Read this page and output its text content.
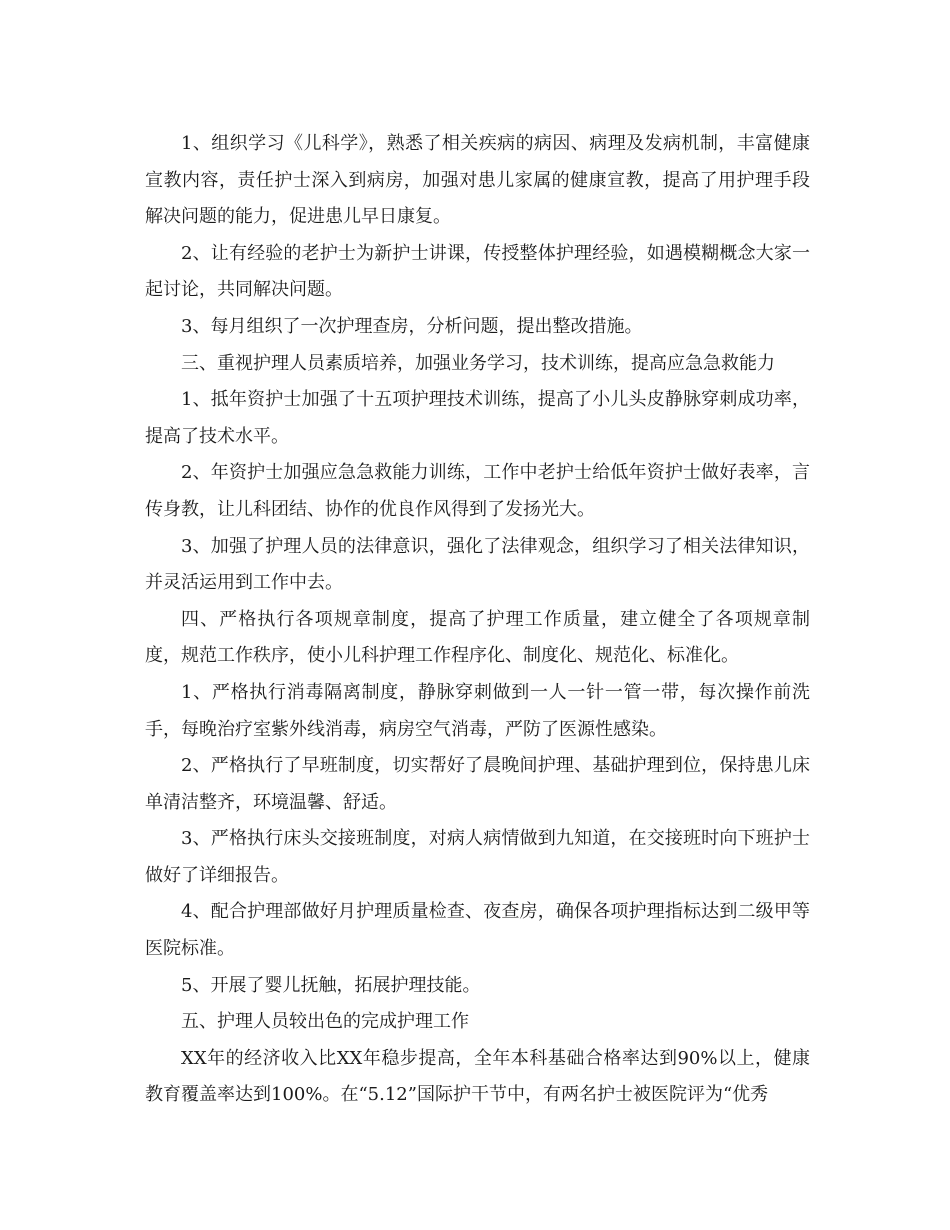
1、组织学习《儿科学》，熟悉了相关疾病的病因、病理及发病机制，丰富健康宣教内容，责任护士深入到病房，加强对患儿家属的健康宣教，提高了用护理手段解决问题的能力，促进患儿早日康复。

2、让有经验的老护士为新护士讲课，传授整体护理经验，如遇模糊概念大家一起讨论，共同解决问题。

3、每月组织了一次护理查房，分析问题，提出整改措施。

三、重视护理人员素质培养，加强业务学习，技术训练，提高应急急救能力

1、抵年资护士加强了十五项护理技术训练，提高了小儿头皮静脉穿刺成功率，提高了技术水平。

2、年资护士加强应急急救能力训练，工作中老护士给低年资护士做好表率，言传身教，让儿科团结、协作的优良作风得到了发扬光大。

3、加强了护理人员的法律意识，强化了法律观念，组织学习了相关法律知识，并灵活运用到工作中去。

四、严格执行各项规章制度，提高了护理工作质量，建立健全了各项规章制度，规范工作秩序，使小儿科护理工作程序化、制度化、规范化、标准化。

1、严格执行消毒隔离制度，静脉穿刺做到一人一针一管一带，每次操作前洗手，每晚治疗室紫外线消毒，病房空气消毒，严防了医源性感染。

2、严格执行了早班制度，切实帮好了晨晚间护理、基础护理到位，保持患儿床单清洁整齐，环境温馨、舒适。

3、严格执行床头交接班制度，对病人病情做到九知道，在交接班时向下班护士做好了详细报告。

4、配合护理部做好月护理质量检查、夜查房，确保各项护理指标达到二级甲等医院标准。

5、开展了婴儿抚触，拓展护理技能。

五、护理人员较出色的完成护理工作

XX年的经济收入比XX年稳步提高，全年本科基础合格率达到90%以上，健康教育覆盖率达到100%。在“5.12”国际护干节中，有两名护士被医院评为“优秀
